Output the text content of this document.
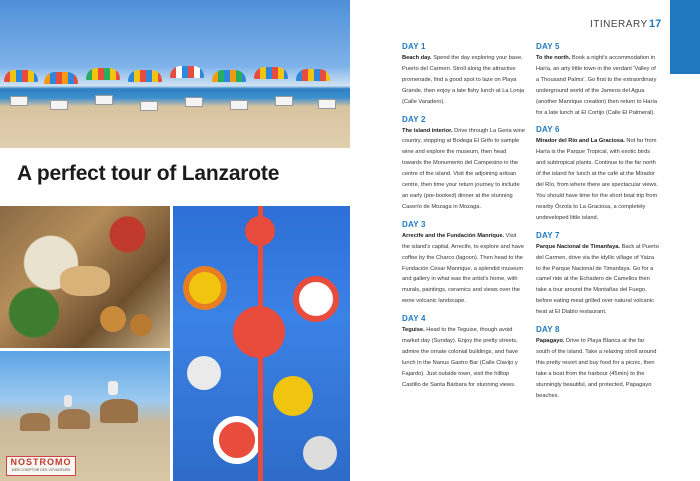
NOSTROMO
WEB COMPTOIR DES VOYAGEURS
A perfect tour of Lanzarote
ITINERARY 17
DAY 1
Beach day. Spend the day exploring your base, Puerto del Carmen. Stroll along the attractive promenade, find a good spot to laze on Playa Grande, then enjoy a late fishy lunch at La Lonja (Calle Varadero).
DAY 2
The island interior. Drive through La Geria wine country, stopping at Bodega El Grifo to sample wine and explore the museum, then head towards the Monumento del Campesino in the centre of the island. Visit the adjoining artisan centre, then time your return journey to include an early (pre-booked) dinner at the stunning Caserío de Mozaga in Mozaga.
DAY 3
Arrecife and the Fundación Manrique. Visit the island's capital, Arrecife, to explore and have coffee by the Charco (lagoon). Then head to the Fundación César Manrique, a splendid museum and gallery in what was the artist's home, with murals, paintings, ceramics and views over the eerie volcanic landscape.
DAY 4
Teguise. Head to the Teguise, though avoid market day (Sunday). Enjoy the pretty streets, admire the ornate colonial buildings, and have lunch in the Nanus Gastro Bar (Calle Clavijo y Fajardo). Just outside town, visit the hilltop Castillo de Santa Bárbara for stunning views.
DAY 5
To the north. Book a night's accommodation in Haría, an arty little town in the verdant 'Valley of a Thousand Palms'. Go first to the extraordinary underground world of the Jameos del Agua (another Manrique creation) then return to Haría for a late lunch at El Cortijo (Calle El Palmeral).
DAY 6
Mirador del Río and La Graciosa. Not far from Haría is the Parque Tropical, with exotic birds and subtropical plants. Continue to the far north of the island for lunch at the café at the Mirador del Río, from where there are spectacular views. You should have time for the short boat trip from nearby Órzola to La Graciosa, a completely undeveloped little island.
DAY 7
Parque Nacional de Timanfaya. Back at Puerto del Carmen, drive via the idyllic village of Yaiza to the Parque Nacional de Timanfaya. Go for a camel ride at the Echadero de Camellos then take a tour around the Montañas del Fuego, before eating meat grilled over natural volcanic heat at El Diablo restaurant.
DAY 8
Papagayo. Drive to Playa Blanca at the far south of the island. Take a relaxing stroll around this pretty resort and buy food for a picnic, then take a boat from the harbour (45min) to the stunningly beautiful, and protected, Papagayo beaches.
